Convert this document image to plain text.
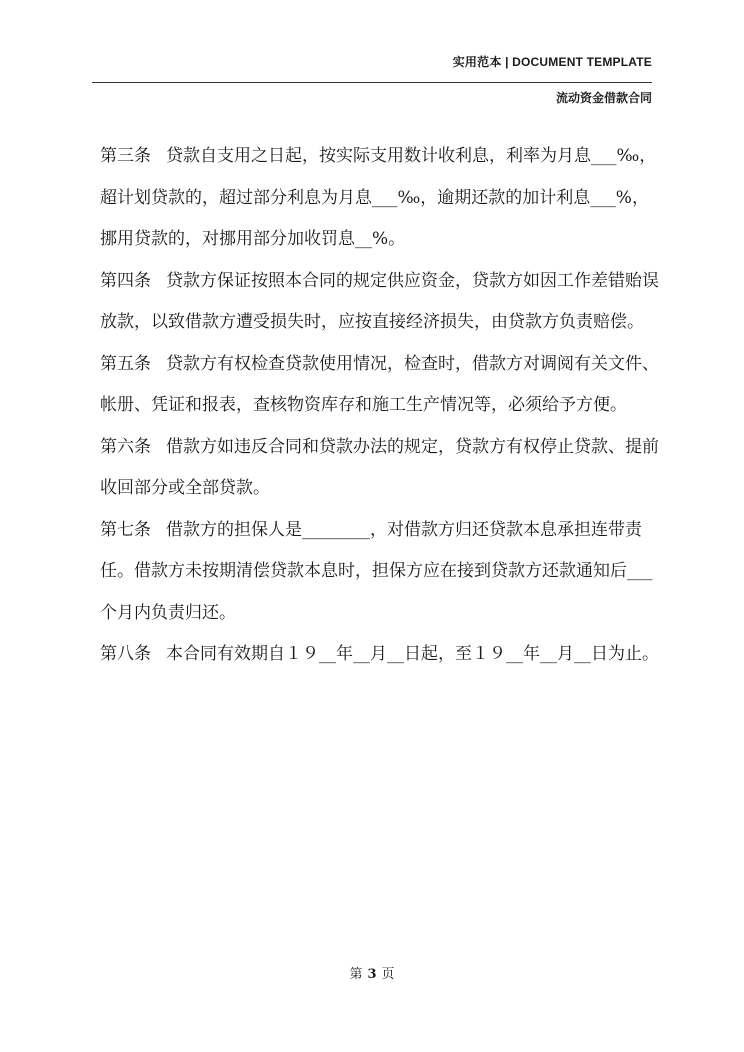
实用范本 | DOCUMENT TEMPLATE
流动资金借款合同

第三条 贷款自支用之日起，按实际支用数计收利息，利率为月息___‰，超计划贷款的，超过部分利息为月息___‰，逾期还款的加计利息___%，挪用贷款的，对挪用部分加收罚息__%。

第四条 贷款方保证按照本合同的规定供应资金，贷款方如因工作差错贻误放款，以致借款方遭受损失时，应按直接经济损失，由贷款方负责赔偿。

第五条 贷款方有权检查贷款使用情况，检查时，借款方对调阅有关文件、帐册、凭证和报表，查核物资库存和施工生产情况等，必须给予方便。

第六条 借款方如违反合同和贷款办法的规定，贷款方有权停止贷款、提前收回部分或全部贷款。

第七条 借款方的担保人是________，对借款方归还贷款本息承担连带责任。借款方未按期清偿贷款本息时，担保方应在接到贷款方还款通知后___个月内负责归还。

第八条 本合同有效期自１９__年__月__日起，至１９__年__月__日为止。

第 3 页
